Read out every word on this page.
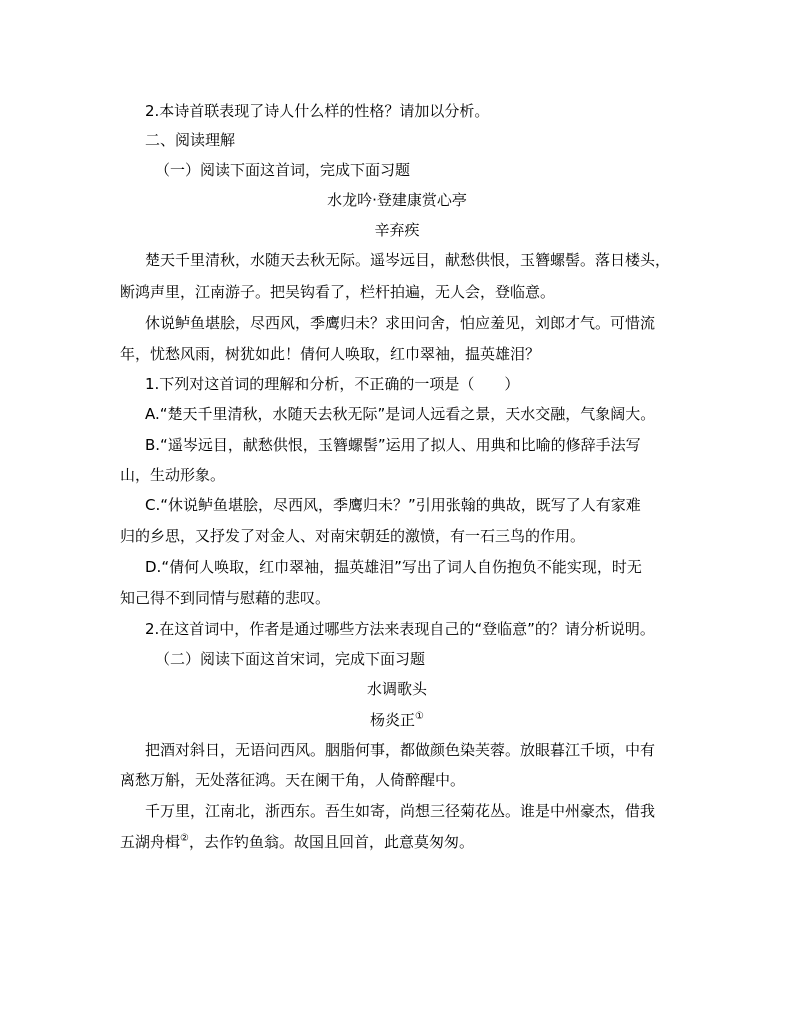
2.本诗首联表现了诗人什么样的性格？请加以分析。
二、阅读理解
（一）阅读下面这首词，完成下面习题
水龙吟·登建康赏心亭
辛弃疾
楚天千里清秋，水随天去秋无际。遥岑远目，献愁供恨，玉簪螺髻。落日楼头，
断鸿声里，江南游子。把吴钩看了，栏杆拍遍，无人会，登临意。
休说鲈鱼堪脍，尽西风，季鹰归未？求田问舍，怕应羞见，刘郎才气。可惜流
年，忧愁风雨，树犹如此！倩何人唤取，红巾翠袖，揾英雄泪？
1.下列对这首词的理解和分析，不正确的一项是（　　）
A.“楚天千里清秋，水随天去秋无际”是词人远看之景，天水交融，气象阔大。
B.“遥岑远目，献愁供恨，玉簪螺髻”运用了拟人、用典和比喻的修辞手法写
山，生动形象。
C.“休说鲈鱼堪脍，尽西风，季鹰归未？”引用张翰的典故，既写了人有家难
归的乡思，又抒发了对金人、对南宋朝廷的激愤，有一石三鸟的作用。
D.“倩何人唤取，红巾翠袖，揾英雄泪”写出了词人自伤抱负不能实现，时无
知己得不到同情与慰藉的悲叹。
2.在这首词中，作者是通过哪些方法来表现自己的“登临意”的？请分析说明。
（二）阅读下面这首宋词，完成下面习题
水调歌头
杨炎正①
把酒对斜日，无语问西风。胭脂何事，都做颜色染芙蓉。放眼暮江千顷，中有
离愁万斛，无处落征鸿。天在阑干角，人倚醉醒中。
千万里，江南北，浙西东。吾生如寄，尚想三径菊花丛。谁是中州豪杰，借我
五湖舟楫②，去作钓鱼翁。故国且回首，此意莫匆匆。
